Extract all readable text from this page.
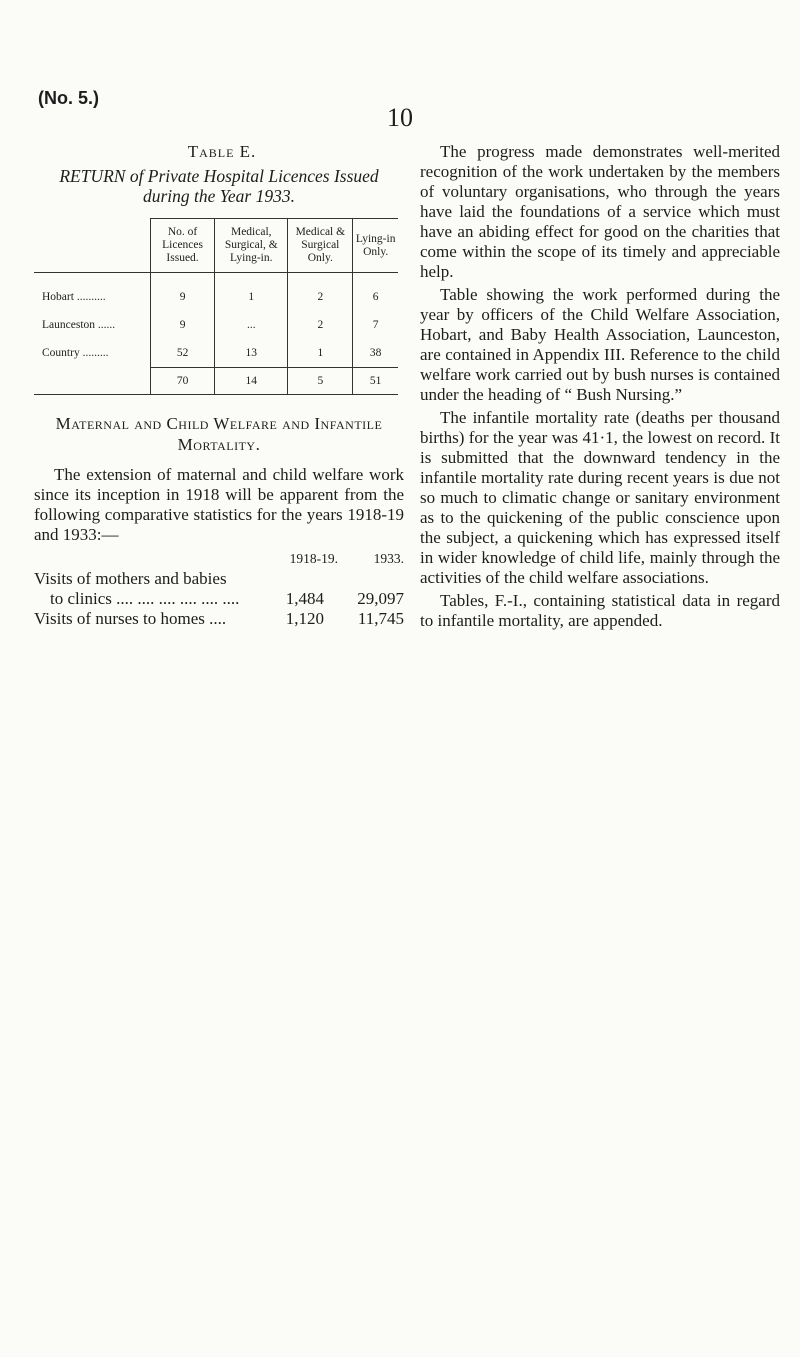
(No. 5.)
10
Table E.
RETURN of Private Hospital Licences Issued during the Year 1933.
	No. of Licences Issued.	Medical, Surgical, & Lying-in.	Medical & Surgical Only.	Lying-in Only.
Hobart ..........	9	1	2	6
Launceston ......	9	...	2	7
Country .........	52	13	1	38
	70	14	5	51
Maternal and Child Welfare and Infantile Mortality.

The extension of maternal and child welfare work since its inception in 1918 will be apparent from the following comparative statistics for the years 1918-19 and 1933:—

1918-19.	1933.
Visits of mothers and babies
to clinics .... .... .... .... .... ....	1,484	29,097
Visits of nurses to homes ....	1,120	11,745

The progress made demonstrates well-merited recognition of the work undertaken by the members of voluntary organisations, who through the years have laid the foundations of a service which must have an abiding effect for good on the charities that come within the scope of its timely and appreciable help.

Table showing the work performed during the year by officers of the Child Welfare Association, Hobart, and Baby Health Association, Launceston, are contained in Appendix III. Reference to the child welfare work carried out by bush nurses is contained under the heading of “ Bush Nursing.”

The infantile mortality rate (deaths per thousand births) for the year was 41·1, the lowest on record. It is submitted that the downward tendency in the infantile mortality rate during recent years is due not so much to climatic change or sanitary environment as to the quickening of the public conscience upon the subject, a quickening which has expressed itself in wider knowledge of child life, mainly through the activities of the child welfare associations.

Tables, F.-I., containing statistical data in regard to infantile mortality, are appended.
